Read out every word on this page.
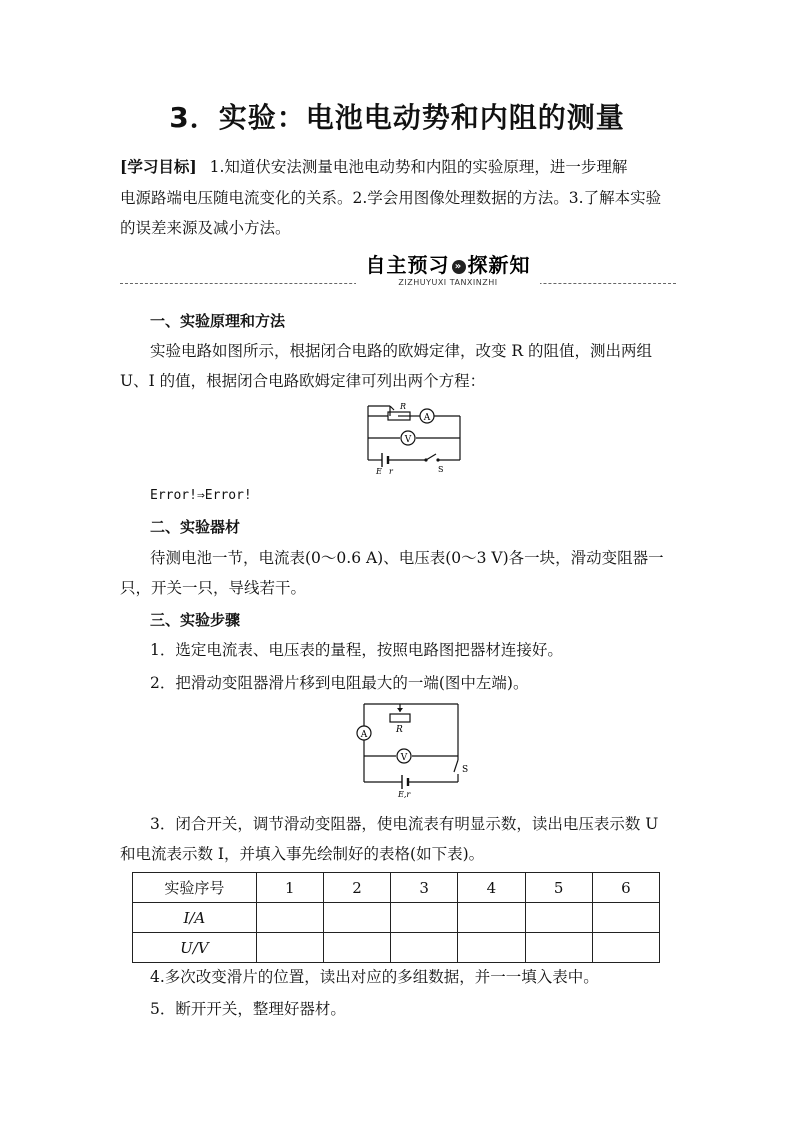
3．实验：电池电动势和内阻的测量
[学习目标] 1.知道伏安法测量电池电动势和内阻的实验原理，进一步理解
电源路端电压随电流变化的关系。2.学会用图像处理数据的方法。3.了解本实验
的误差来源及减小方法。
自主预习 » 探新知
ZIZHUYUXI TANXINZHI
一、实验原理和方法
实验电路如图所示，根据闭合电路的欧姆定律，改变 R 的阻值，测出两组
U、I 的值，根据闭合电路欧姆定律可列出两个方程：
A
V
R
E r	S
Error!⇒Error!
二、实验器材
待测电池一节，电流表(0～0.6 A)、电压表(0～3 V)各一块，滑动变阻器一
只，开关一只，导线若干。
三、实验步骤
1．选定电流表、电压表的量程，按照电路图把器材连接好。
2．把滑动变阻器滑片移到电阻最大的一端(图中左端)。
A
V
R
E,r
S
3．闭合开关，调节滑动变阻器，使电流表有明显示数，读出电压表示数 U
和电流表示数 I，并填入事先绘制好的表格(如下表)。
实验序号	1	2	3	4	5	6
I/A						
U/V						
4.多次改变滑片的位置，读出对应的多组数据，并一一填入表中。
5．断开开关，整理好器材。
